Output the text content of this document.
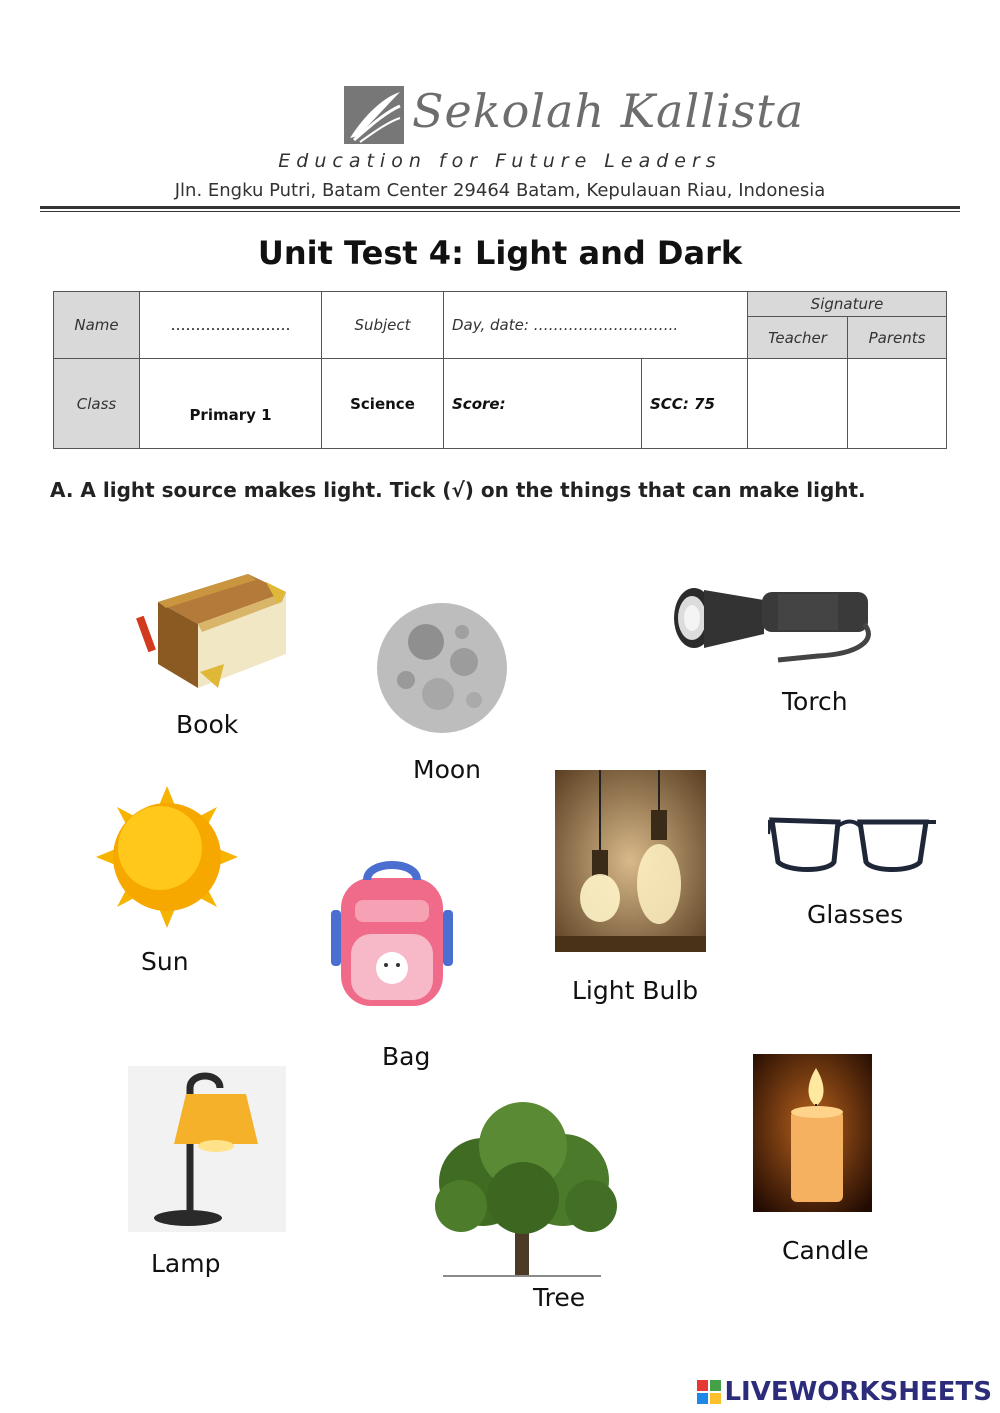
Sekolah Kallista
Education for Future Leaders
Jln. Engku Putri, Batam Center 29464 Batam, Kepulauan Riau, Indonesia
Unit Test 4: Light and Dark
Name	……………………	Subject	Day, date: ………………………..		Signature	
					Teacher	Parents
Class	Primary 1	Science	Score:	SCC: 75		
A. A light source makes light. Tick (√) on the things that can make light.
Book
Moon
Torch
Sun
Bag
Light Bulb
Glasses
Lamp
Tree
Candle
LIVEWORKSHEETS
